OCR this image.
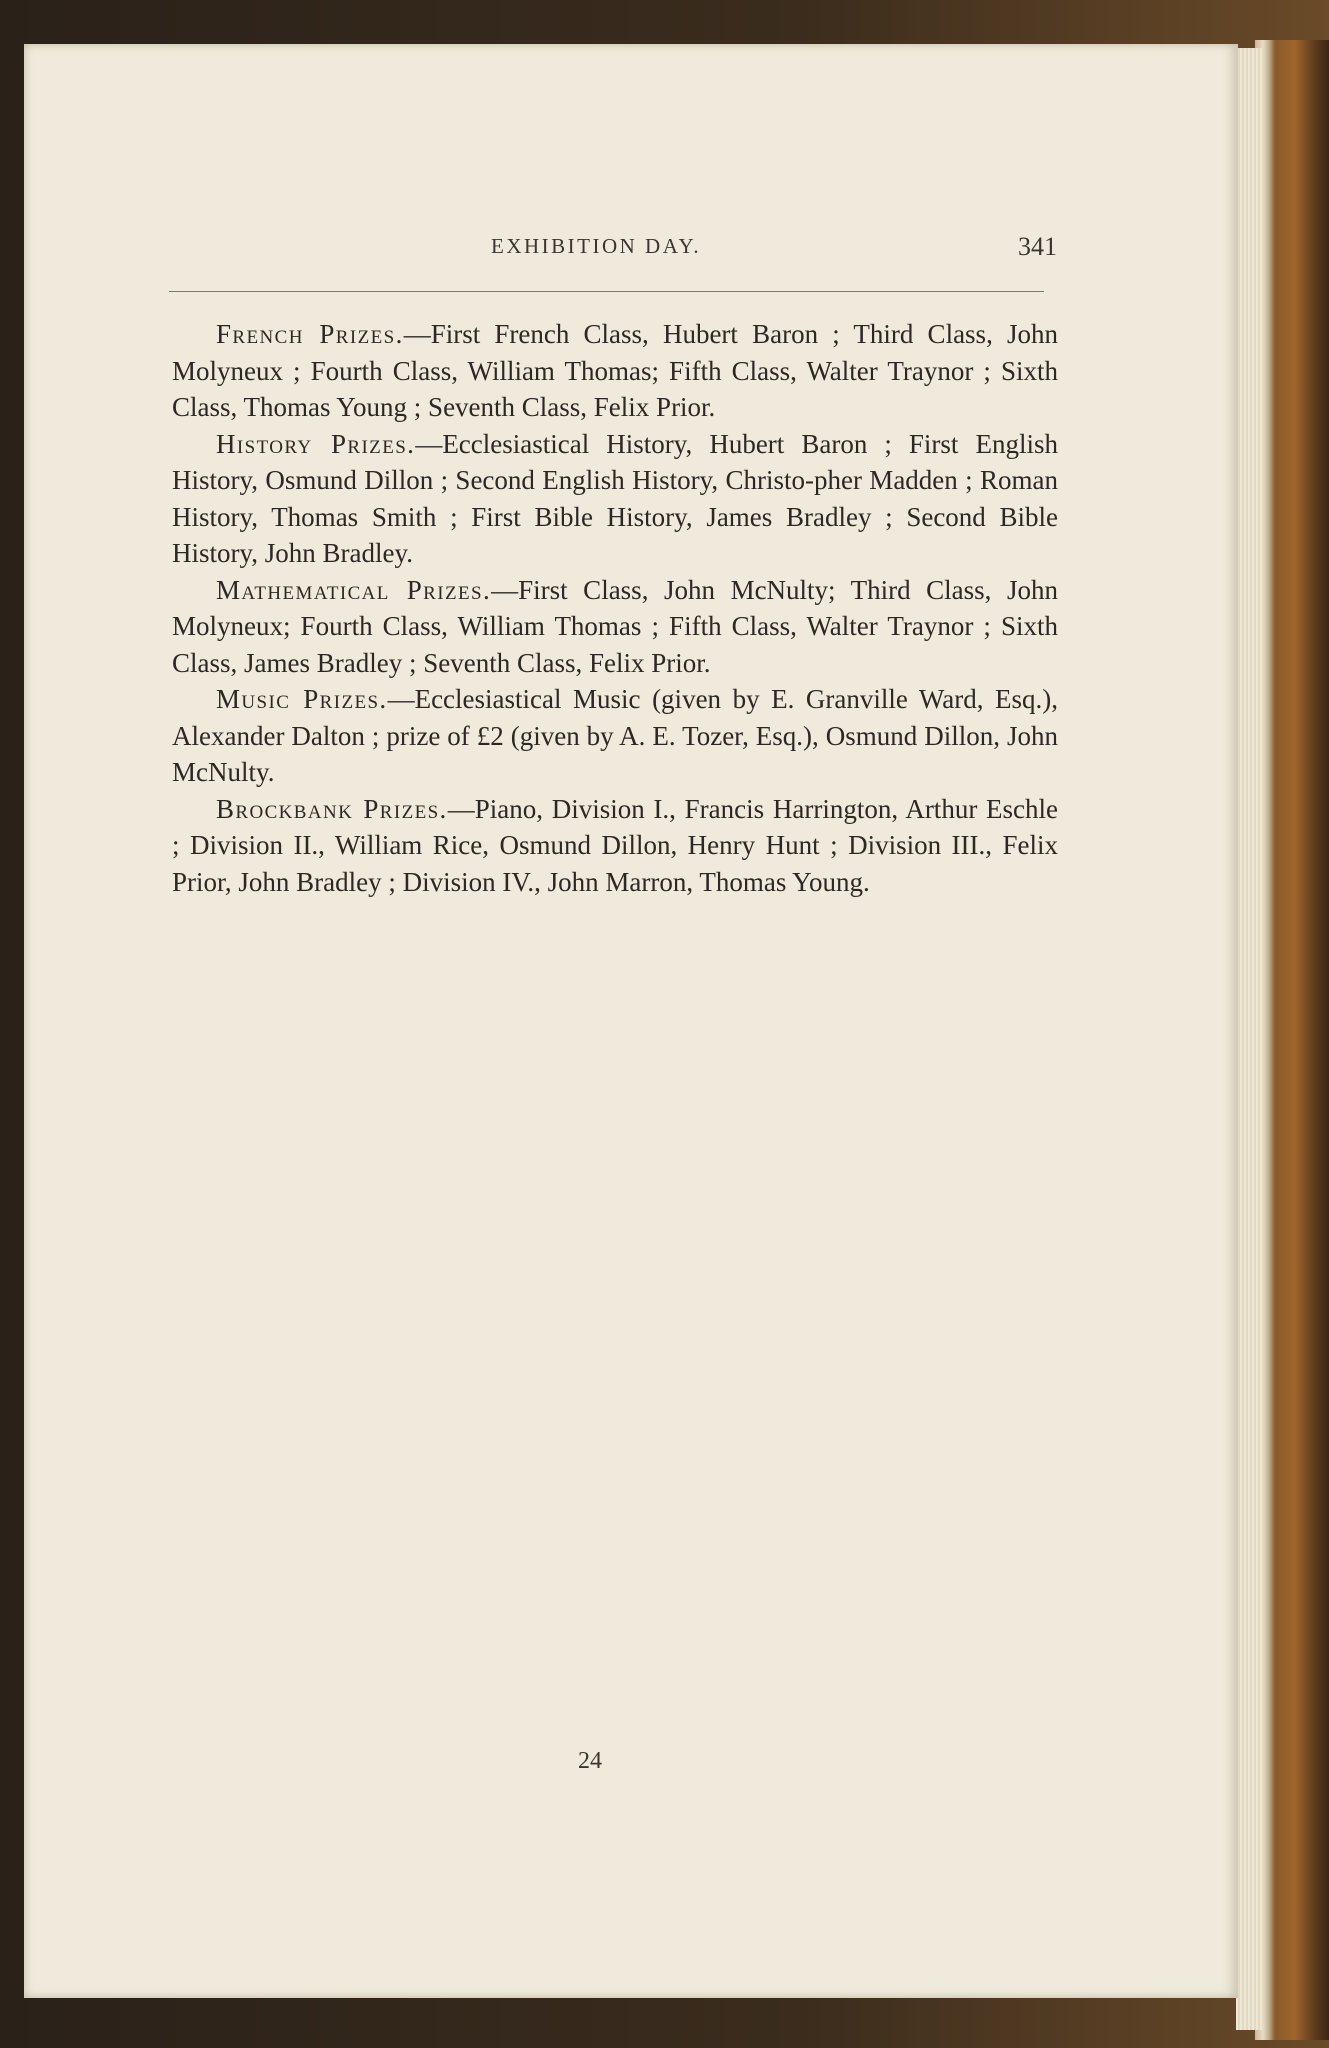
EXHIBITION DAY.	341

French Prizes.—First French Class, Hubert Baron ; Third Class, John Molyneux ; Fourth Class, William Thomas; Fifth Class, Walter Traynor ; Sixth Class, Thomas Young ; Seventh Class, Felix Prior.

History Prizes.—Ecclesiastical History, Hubert Baron ; First English History, Osmund Dillon ; Second English History, Christo-pher Madden ; Roman History, Thomas Smith ; First Bible History, James Bradley ; Second Bible History, John Bradley.

Mathematical Prizes.—First Class, John McNulty; Third Class, John Molyneux; Fourth Class, William Thomas ; Fifth Class, Walter Traynor ; Sixth Class, James Bradley ; Seventh Class, Felix Prior.

Music Prizes.—Ecclesiastical Music (given by E. Granville Ward, Esq.), Alexander Dalton ; prize of £2 (given by A. E. Tozer, Esq.), Osmund Dillon, John McNulty.

Brockbank Prizes.—Piano, Division I., Francis Harrington, Arthur Eschle ; Division II., William Rice, Osmund Dillon, Henry Hunt ; Division III., Felix Prior, John Bradley ; Division IV., John Marron, Thomas Young.

24
